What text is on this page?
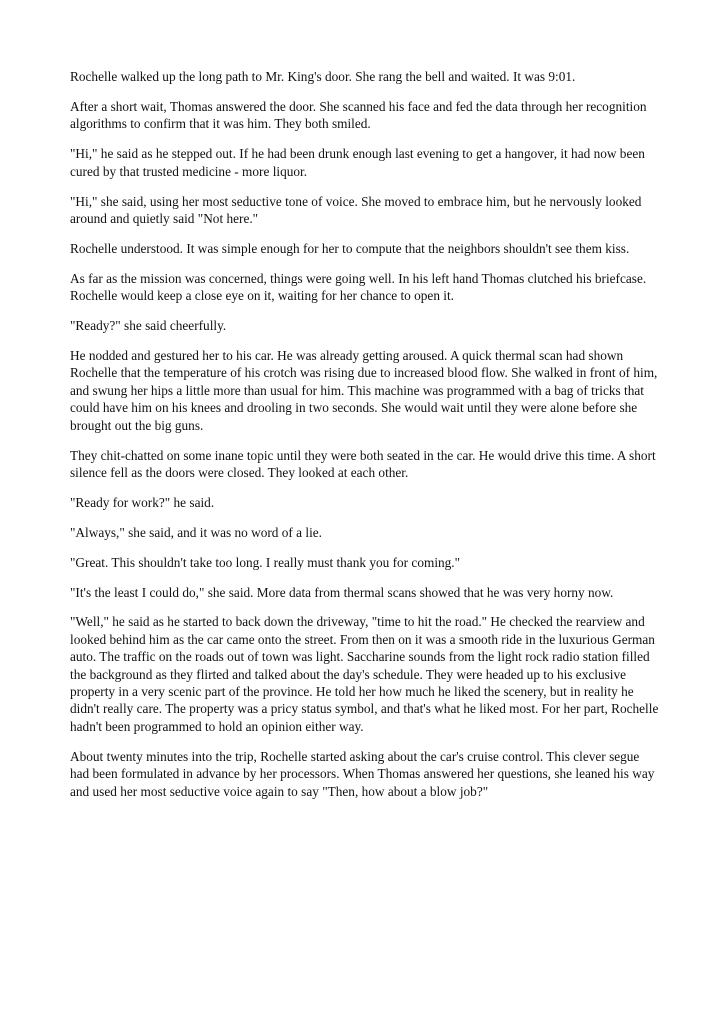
Rochelle walked up the long path to Mr. King's door. She rang the bell and waited. It was 9:01.

After a short wait, Thomas answered the door. She scanned his face and fed the data through her recognition algorithms to confirm that it was him. They both smiled.

"Hi," he said as he stepped out. If he had been drunk enough last evening to get a hangover, it had now been cured by that trusted medicine - more liquor.

"Hi," she said, using her most seductive tone of voice. She moved to embrace him, but he nervously looked around and quietly said "Not here."

Rochelle understood. It was simple enough for her to compute that the neighbors shouldn't see them kiss.

As far as the mission was concerned, things were going well. In his left hand Thomas clutched his briefcase. Rochelle would keep a close eye on it, waiting for her chance to open it.

"Ready?" she said cheerfully.

He nodded and gestured her to his car. He was already getting aroused. A quick thermal scan had shown Rochelle that the temperature of his crotch was rising due to increased blood flow. She walked in front of him, and swung her hips a little more than usual for him. This machine was programmed with a bag of tricks that could have him on his knees and drooling in two seconds. She would wait until they were alone before she brought out the big guns.

They chit-chatted on some inane topic until they were both seated in the car. He would drive this time. A short silence fell as the doors were closed. They looked at each other.

"Ready for work?" he said.

"Always," she said, and it was no word of a lie.

"Great. This shouldn't take too long. I really must thank you for coming."

"It's the least I could do," she said. More data from thermal scans showed that he was very horny now.

"Well," he said as he started to back down the driveway, "time to hit the road." He checked the rearview and looked behind him as the car came onto the street. From then on it was a smooth ride in the luxurious German auto. The traffic on the roads out of town was light. Saccharine sounds from the light rock radio station filled the background as they flirted and talked about the day's schedule. They were headed up to his exclusive property in a very scenic part of the province. He told her how much he liked the scenery, but in reality he didn't really care. The property was a pricy status symbol, and that's what he liked most. For her part, Rochelle hadn't been programmed to hold an opinion either way.

About twenty minutes into the trip, Rochelle started asking about the car's cruise control. This clever segue had been formulated in advance by her processors. When Thomas answered her questions, she leaned his way and used her most seductive voice again to say "Then, how about a blow job?"
